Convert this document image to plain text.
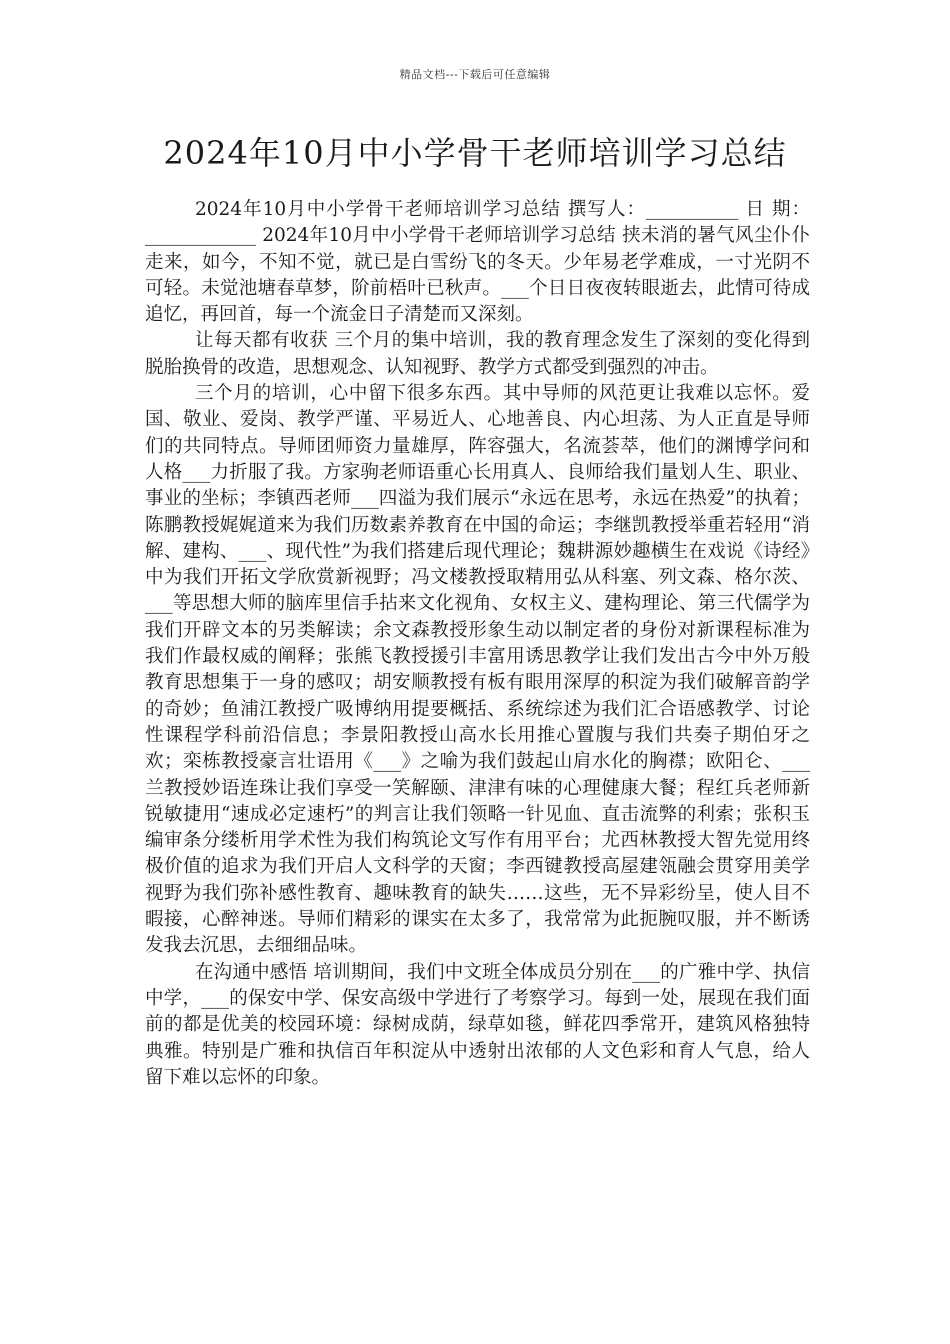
精品文档---下载后可任意编辑
2024年10月中小学骨干老师培训学习总结

2024年10月中小学骨干老师培训学习总结 撰写人：__________ 日 期：____________ 2024年10月中小学骨干老师培训学习总结 挟未消的暑气风尘仆仆走来，如今，不知不觉，就已是白雪纷飞的冬天。少年易老学难成，一寸光阴不可轻。未觉池塘春草梦，阶前梧叶已秋声。___个日日夜夜转眼逝去，此情可待成追忆，再回首，每一个流金日子清楚而又深刻。

让每天都有收获 三个月的集中培训，我的教育理念发生了深刻的变化得到脱胎换骨的改造，思想观念、认知视野、教学方式都受到强烈的冲击。

三个月的培训，心中留下很多东西。其中导师的风范更让我难以忘怀。爱国、敬业、爱岗、教学严谨、平易近人、心地善良、内心坦荡、为人正直是导师们的共同特点。导师团师资力量雄厚，阵容强大，名流荟萃，他们的渊博学问和人格___力折服了我。方家驹老师语重心长用真人、良师给我们量划人生、职业、事业的坐标；李镇西老师___四溢为我们展示“永远在思考，永远在热爱”的执着；陈鹏教授娓娓道来为我们历数素养教育在中国的命运；李继凯教授举重若轻用“消解、建构、___、现代性”为我们搭建后现代理论；魏耕源妙趣横生在戏说《诗经》中为我们开拓文学欣赏新视野；冯文楼教授取精用弘从科塞、列文森、格尔茨、___等思想大师的脑库里信手拈来文化视角、女权主义、建构理论、第三代儒学为我们开辟文本的另类解读；余文森教授形象生动以制定者的身份对新课程标准为我们作最权威的阐释；张熊飞教授援引丰富用诱思教学让我们发出古今中外万般教育思想集于一身的感叹；胡安顺教授有板有眼用深厚的积淀为我们破解音韵学的奇妙；鱼浦江教授广吸博纳用提要概括、系统综述为我们汇合语感教学、讨论性课程学科前沿信息；李景阳教授山高水长用推心置腹与我们共奏子期伯牙之欢；栾栋教授豪言壮语用《___》之喻为我们鼓起山肩水化的胸襟；欧阳仑、___兰教授妙语连珠让我们享受一笑解颐、津津有味的心理健康大餐；程红兵老师新锐敏捷用“速成必定速朽”的判言让我们领略一针见血、直击流弊的利索；张积玉编审条分缕析用学术性为我们构筑论文写作有用平台；尤西林教授大智先觉用终极价值的追求为我们开启人文科学的天窗；李西键教授高屋建瓴融会贯穿用美学视野为我们弥补感性教育、趣味教育的缺失……这些，无不异彩纷呈，使人目不暇接，心醉神迷。导师们精彩的课实在太多了，我常常为此扼腕叹服，并不断诱发我去沉思，去细细品味。

在沟通中感悟 培训期间，我们中文班全体成员分别在___的广雅中学、执信中学，___的保安中学、保安高级中学进行了考察学习。每到一处，展现在我们面前的都是优美的校园环境：绿树成荫，绿草如毯，鲜花四季常开，建筑风格独特典雅。特别是广雅和执信百年积淀从中透射出浓郁的人文色彩和育人气息，给人留下难以忘怀的印象。
